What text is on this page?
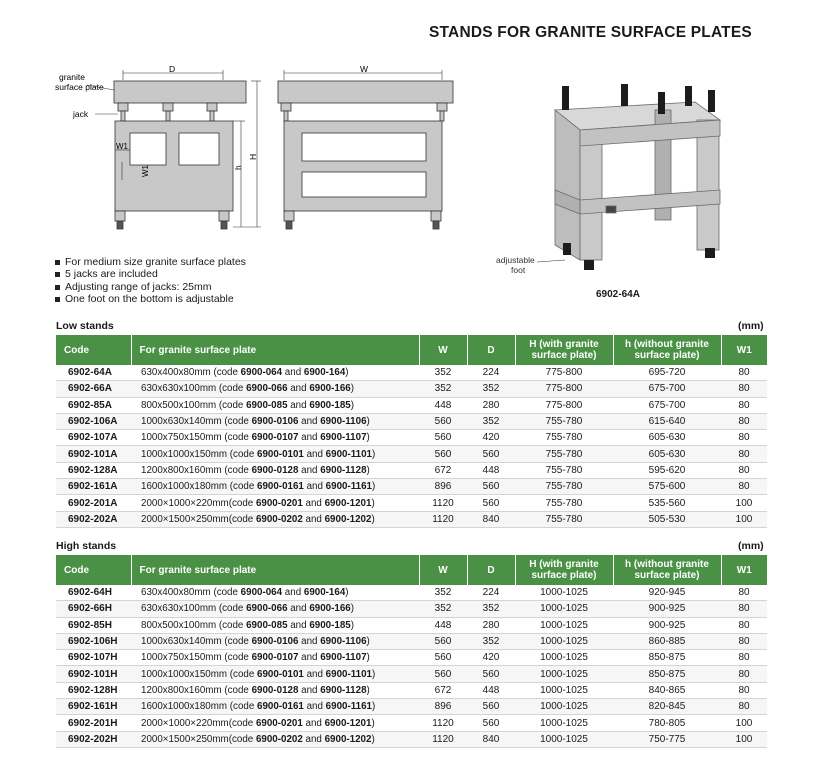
STANDS FOR GRANITE SURFACE PLATES
granite
surface plate
jack
D
h
H
W1
W1
W
adjustable
foot
6902-64A
For medium size granite surface plates
5 jacks are included
Adjusting range of jacks: 25mm
One foot on the bottom is adjustable
Low stands	(mm)
Code	For granite surface plate	W	D	H (with granite
surface plate)	h (without granite
surface plate)	W1
6902-64A	630x400x80mm (code 6900-064 and 6900-164)	352	224	775-800	695-720	80
6902-66A	630x630x100mm (code 6900-066 and 6900-166)	352	352	775-800	675-700	80
6902-85A	800x500x100mm (code 6900-085 and 6900-185)	448	280	775-800	675-700	80
6902-106A	1000x630x140mm (code 6900-0106 and 6900-1106)	560	352	755-780	615-640	80
6902-107A	1000x750x150mm (code 6900-0107 and 6900-1107)	560	420	755-780	605-630	80
6902-101A	1000x1000x150mm (code 6900-0101 and 6900-1101)	560	560	755-780	605-630	80
6902-128A	1200x800x160mm (code 6900-0128 and 6900-1128)	672	448	755-780	595-620	80
6902-161A	1600x1000x180mm (code 6900-0161 and 6900-1161)	896	560	755-780	575-600	80
6902-201A	2000×1000×220mm(code 6900-0201 and 6900-1201)	1120	560	755-780	535-560	100
6902-202A	2000×1500×250mm(code 6900-0202 and 6900-1202)	1120	840	755-780	505-530	100
High stands	(mm)
Code	For granite surface plate	W	D	H (with granite
surface plate)	h (without granite
surface plate)	W1
6902-64H	630x400x80mm (code 6900-064 and 6900-164)	352	224	1000-1025	920-945	80
6902-66H	630x630x100mm (code 6900-066 and 6900-166)	352	352	1000-1025	900-925	80
6902-85H	800x500x100mm (code 6900-085 and 6900-185)	448	280	1000-1025	900-925	80
6902-106H	1000x630x140mm (code 6900-0106 and 6900-1106)	560	352	1000-1025	860-885	80
6902-107H	1000x750x150mm (code 6900-0107 and 6900-1107)	560	420	1000-1025	850-875	80
6902-101H	1000x1000x150mm (code 6900-0101 and 6900-1101)	560	560	1000-1025	850-875	80
6902-128H	1200x800x160mm (code 6900-0128 and 6900-1128)	672	448	1000-1025	840-865	80
6902-161H	1600x1000x180mm (code 6900-0161 and 6900-1161)	896	560	1000-1025	820-845	80
6902-201H	2000×1000×220mm(code 6900-0201 and 6900-1201)	1120	560	1000-1025	780-805	100
6902-202H	2000×1500×250mm(code 6900-0202 and 6900-1202)	1120	840	1000-1025	750-775	100
